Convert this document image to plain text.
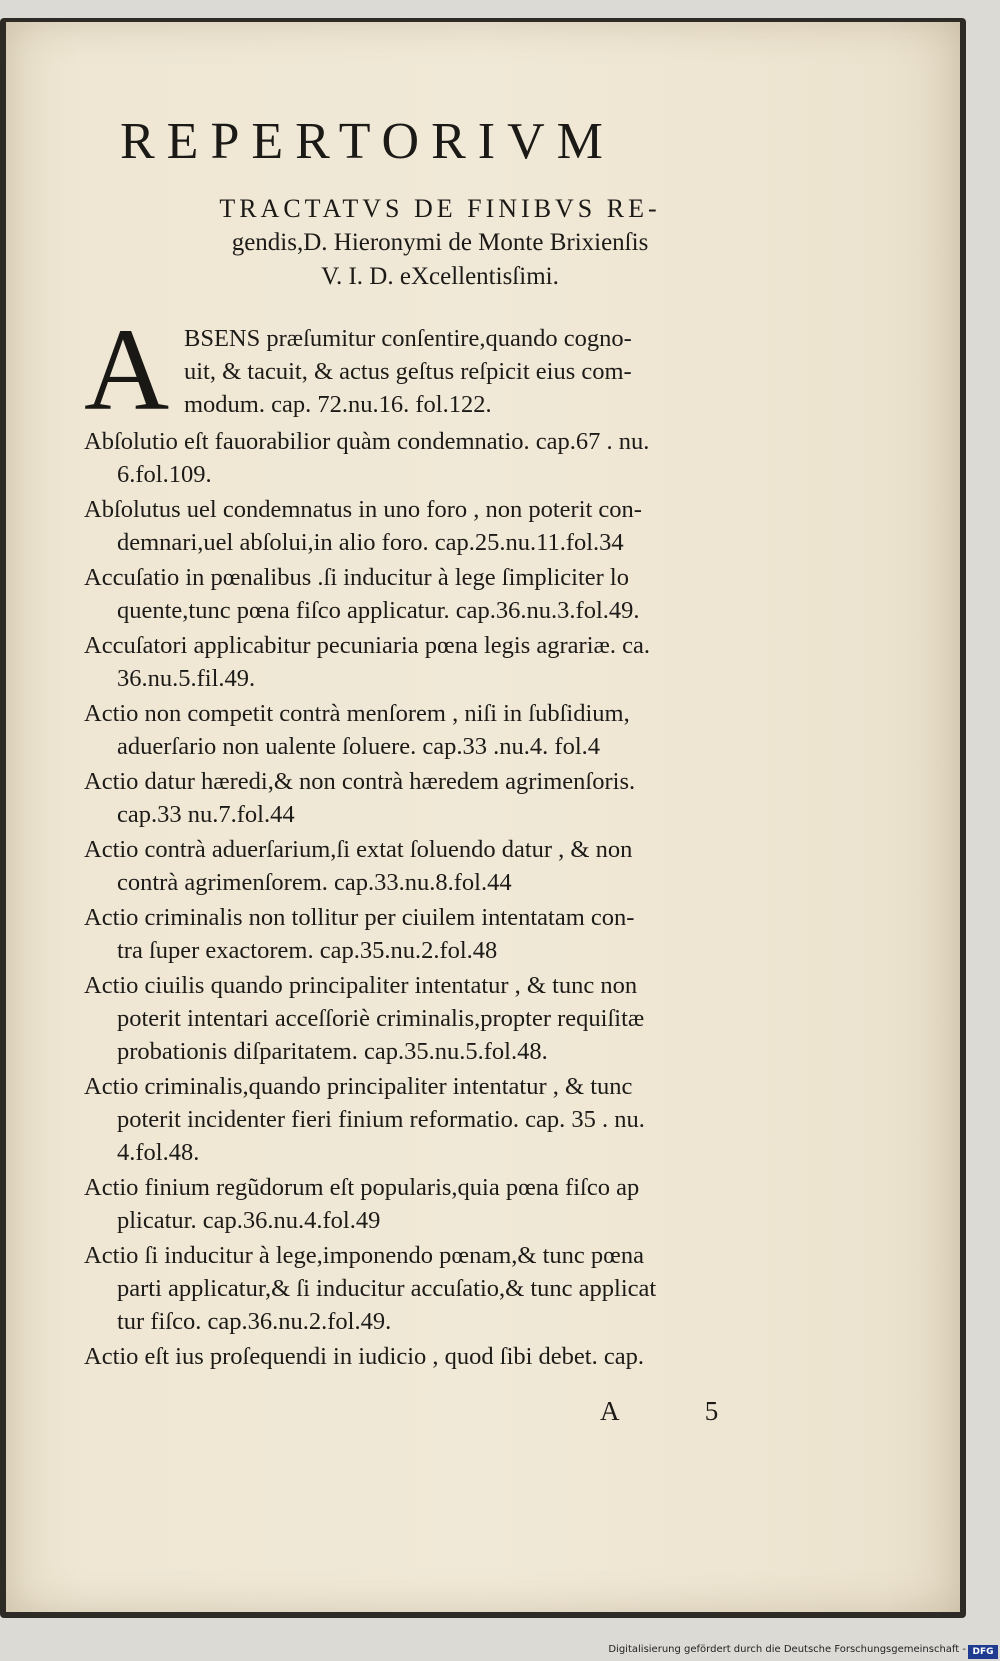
REPERTORIVM
TRACTATVS DE FINIBVS RE-
gendis,D. Hieronymi de Monte Brixienſis
V. I. D. eXcellentisſimi.
A BSENS præſumitur conſentire,quando cogno-
uit, & tacuit, & actus geſtus reſpicit eius com-
modum. cap. 72.nu.16. fol.122.
Abſolutio eſt fauorabilior quàm condemnatio. cap.67 . nu.
6.fol.109.
Abſolutus uel condemnatus in uno foro , non poterit con-
demnari,uel abſolui,in alio foro. cap.25.nu.11.fol.34
Accuſatio in pœnalibus .ſi inducitur à lege ſimpliciter lo
quente,tunc pœna fiſco applicatur. cap.36.nu.3.fol.49.
Accuſatori applicabitur pecuniaria pœna legis agrariæ. ca.
36.nu.5.fil.49.
Actio non competit contrà menſorem , niſi in ſubſidium,
aduerſario non ualente ſoluere. cap.33 .nu.4. fol.4
Actio datur hæredi,& non contrà hæredem agrimenſoris.
cap.33 nu.7.fol.44
Actio contrà aduerſarium,ſi extat ſoluendo datur , & non
contrà agrimenſorem. cap.33.nu.8.fol.44
Actio criminalis non tollitur per ciuilem intentatam con-
tra ſuper exactorem. cap.35.nu.2.fol.48
Actio ciuilis quando principaliter intentatur , & tunc non
poterit intentari acceſſoriè criminalis,propter requiſitæ
probationis diſparitatem. cap.35.nu.5.fol.48.
Actio criminalis,quando principaliter intentatur , & tunc
poterit incidenter fieri finium reformatio. cap. 35 . nu.
4.fol.48.
Actio finium regũdorum eſt popularis,quia pœna fiſco ap
plicatur. cap.36.nu.4.fol.49
Actio ſi inducitur à lege,imponendo pœnam,& tunc pœna
parti applicatur,& ſi inducitur accuſatio,& tunc applicat
tur fiſco. cap.36.nu.2.fol.49.
Actio eſt ius proſequendi in iudicio , quod ſibi debet. cap.
A 5
Digitalisierung gefördert durch die Deutsche Forschungsgemeinschaft - DFG
